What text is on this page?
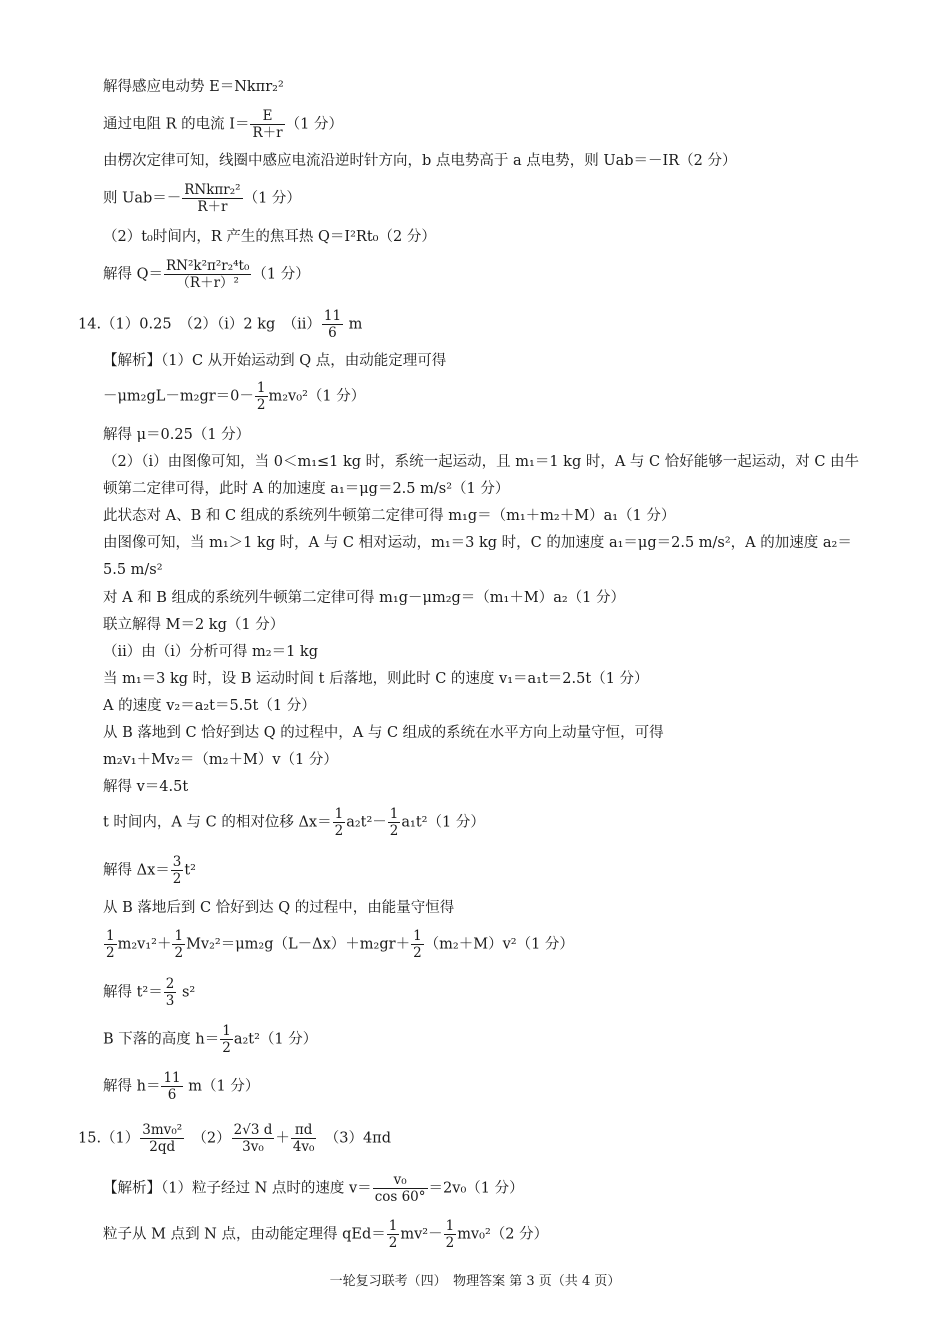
解得感应电动势 E＝Nkπr₂²
通过电阻 R 的电流 $I= \frac{E}{R+r} (1$ 分）
由楞次定律可知，线圈中感应电流沿逆时针方向，b 点电势高于 a 点电势，则 Uab＝－IR（2 分）
则 $Uab=- \frac{\text{RNkπr₂²}}{R+r} (1$ 分）
（2）t₀时间内，R 产生的焦耳热 Q＝I²Rt₀（2 分）
解得 $Q= \frac{\text{RN²k²π²r₂⁴t₀}}{\text{（R＋r）²}} (1$ 分）
14.（1）0.25　（2）（ⅰ）2 kg　（ⅱ） $\frac{11}{6}$ m
【解析】（1）C 从开始运动到 Q 点，由动能定理可得
$-\mu m_2gL-m_2gr=0- \frac{1}{2} m_2v_0^2(1$ 分）
解得 μ＝0.25（1 分）
（2）（ⅰ）由图像可知，当 0＜m₁≤1 kg 时，系统一起运动，且 m₁＝1 kg 时，A 与 C 恰好能够一起运动，对 C 由牛
顿第二定律可得，此时 A 的加速度 a₁＝μg＝2.5 m/s²（1 分）
此状态对 A、B 和 C 组成的系统列牛顿第二定律可得 m₁g＝（m₁＋m₂＋M）a₁（1 分）
由图像可知，当 m₁＞1 kg 时，A 与 C 相对运动，m₁＝3 kg 时，C 的加速度 a₁＝μg＝2.5 m/s²，A 的加速度 a₂＝
5.5 m/s²
对 A 和 B 组成的系统列牛顿第二定律可得 m₁g－μm₂g＝（m₁＋M）a₂（1 分）
联立解得 M＝2 kg（1 分）
（ⅱ）由（ⅰ）分析可得 m₂＝1 kg
当 m₁＝3 kg 时，设 B 运动时间 t 后落地，则此时 C 的速度 v₁＝a₁t＝2.5t（1 分）
A 的速度 v₂＝a₂t＝5.5t（1 分）
从 B 落地到 C 恰好到达 Q 的过程中，A 与 C 组成的系统在水平方向上动量守恒，可得
m₂v₁＋Mv₂＝（m₂＋M）v（1 分）
解得 v＝4.5t
t 时间内，A 与 C 的相对位移 $\Delta x= \frac{1}{2} a_2t^2- \frac{1}{2} a_1t^2(1$ 分）
解得 $\Delta x= \frac{3}{2} t^2$
从 B 落地后到 C 恰好到达 Q 的过程中，由能量守恒得
$\frac{1}{2} m_2v_1^2+ \frac{1}{2} Mv_2^2=\mu m_2g(L-\Delta x)+m_2gr+ \frac{1}{2} (m_2+M)v^2(1$ 分）
解得 $t^2= \frac{2}{3} s^2$
B 下落的高度 $h= \frac{1}{2} a_2t^2(1$ 分）
解得 $h= \frac{11}{6} m(1$ 分）
$15.(1) \frac{\text{3mv₀²}}{2qd}$
　 $(2) \frac{2√3 d}{\text{3v₀}} + \frac{\pi d}{\text{4v₀}}$
　 （3）4πd
【解析】（1）粒子经过 N 点时的速度 $v= \frac{\text{v₀}}{\cos 60^\circ} =2v_0(1$ 分）
粒子从 M 点到 N 点，由动能定理得 $qEd= \frac{1}{2} mv^2- \frac{1}{2} mv_0^2(2$ 分）
一轮复习联考（四）　物理答案 第 3 页（共 4 页）
